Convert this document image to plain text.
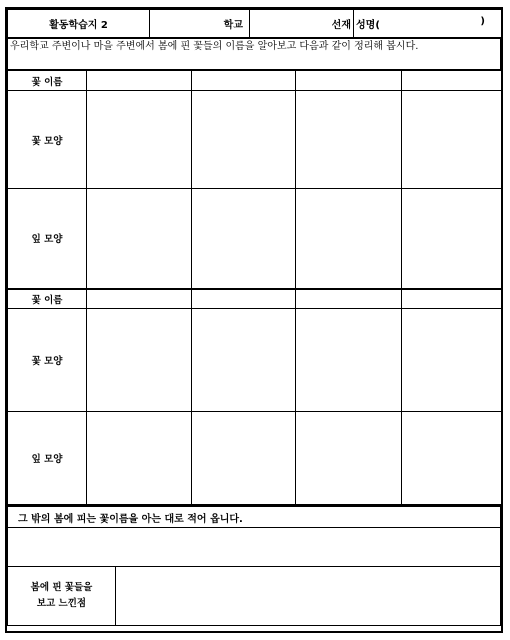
활동학습지 2	학교	선재	성명(	)
우리학교 주변이나 마을 주변에서 봄에 핀 꽃들의 이름을 알아보고 다음과 같이 정리해 봅시다.
꽃 이름				
꽃 모양				
잎 모양				
꽃 이름				
꽃 모양				
잎 모양				
그 밖의 봄에 피는 꽃이름을 아는 대로 적어 옵니다.

봄에 핀 꽃들을
보고 느낀점	
